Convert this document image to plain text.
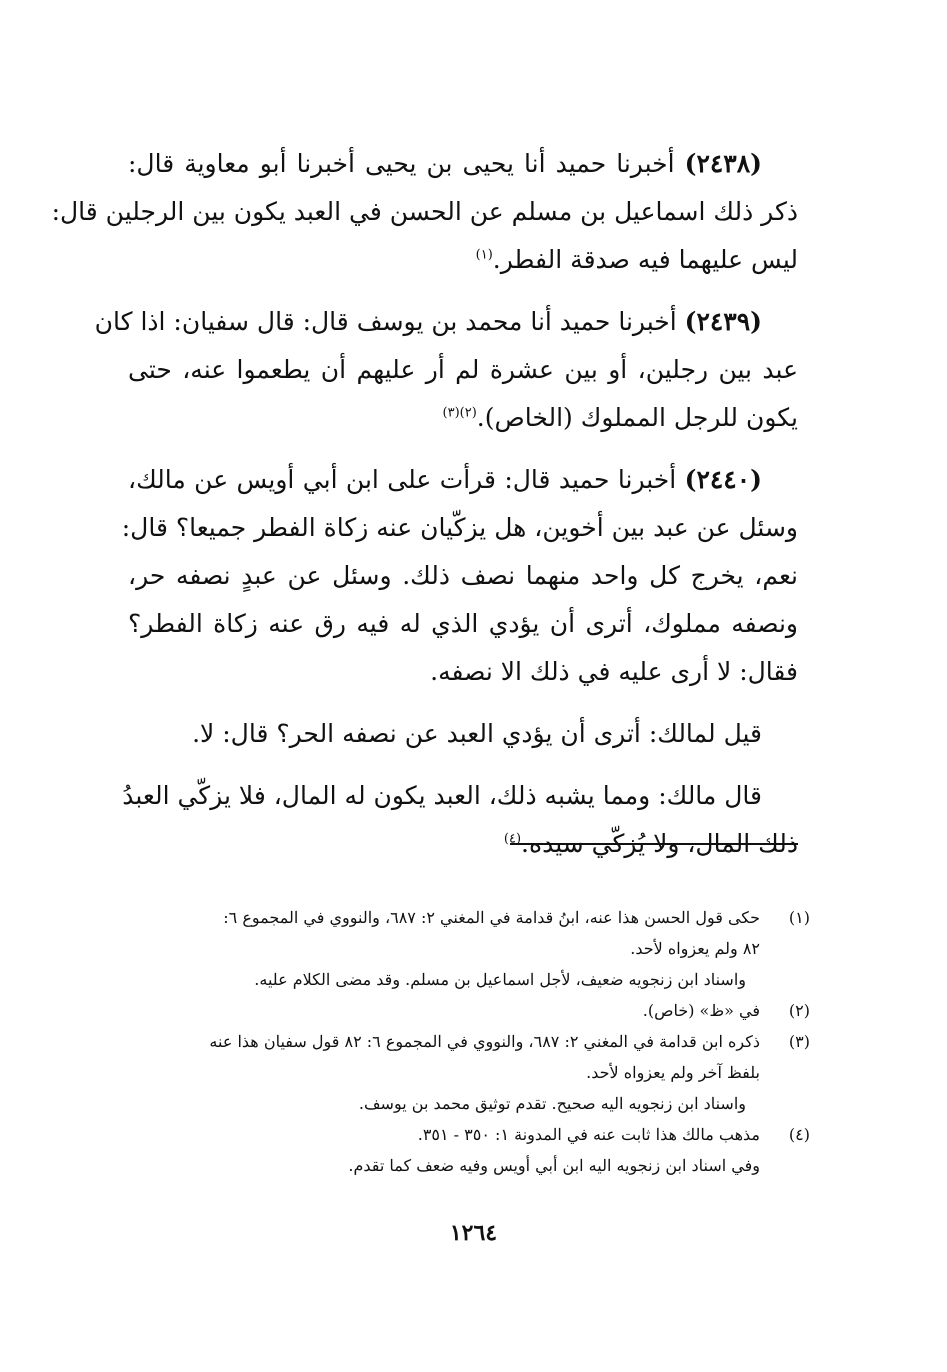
(٢٤٣٨) أخبرنا حميد أنا يحيى بن يحيى أخبرنا أبو معاوية قال:
ذكر ذلك اسماعيل بن مسلم عن الحسن في العبد يكون بين الرجلين قال:
ليس عليهما فيه صدقة الفطر.$^{(١)}$
(٢٤٣٩) أخبرنا حميد أنا محمد بن يوسف قال: قال سفيان: اذا كان
عبد بين رجلين، أو بين عشرة لم أر عليهم أن يطعموا عنه، حتى
يكون للرجل المملوك (الخاص).$^{(٢)(٣)}$
(٢٤٤٠) أخبرنا حميد قال: قرأت على ابن أبي أويس عن مالك،
وسئل عن عبد بين أخوين، هل يزكّيان عنه زكاة الفطر جميعا؟ قال:
نعم، يخرج كل واحد منهما نصف ذلك. وسئل عن عبدٍ نصفه حر،
ونصفه مملوك، أترى أن يؤدي الذي له فيه رق عنه زكاة الفطر؟
فقال: لا أرى عليه في ذلك الا نصفه.
قيل لمالك: أترى أن يؤدي العبد عن نصفه الحر؟ قال: لا.
قال مالك: ومما يشبه ذلك، العبد يكون له المال، فلا يزكّي العبدُ
ذلك المال، ولا يُزكّي سيده.$^{(٤)}$
(١)
حكى قول الحسن هذا عنه، ابنُ قدامة في المغني ٢: ٦٨٧، والنووي في المجموع ٦:
٨٢ ولم يعزواه لأحد.
واسناد ابن زنجويه ضعيف، لأجل اسماعيل بن مسلم. وقد مضى الكلام عليه.
(٢)
في «ظ» (خاص).
(٣)
ذكره ابن قدامة في المغني ٢: ٦٨٧، والنووي في المجموع ٦: ٨٢ قول سفيان هذا عنه
بلفظ آخر ولم يعزواه لأحد.
واسناد ابن زنجويه اليه صحيح. تقدم توثيق محمد بن يوسف.
(٤)
مذهب مالك هذا ثابت عنه في المدونة ١: ٣٥٠ - ٣٥١.
وفي اسناد ابن زنجويه اليه ابن أبي أويس وفيه ضعف كما تقدم.
١٢٦٤
